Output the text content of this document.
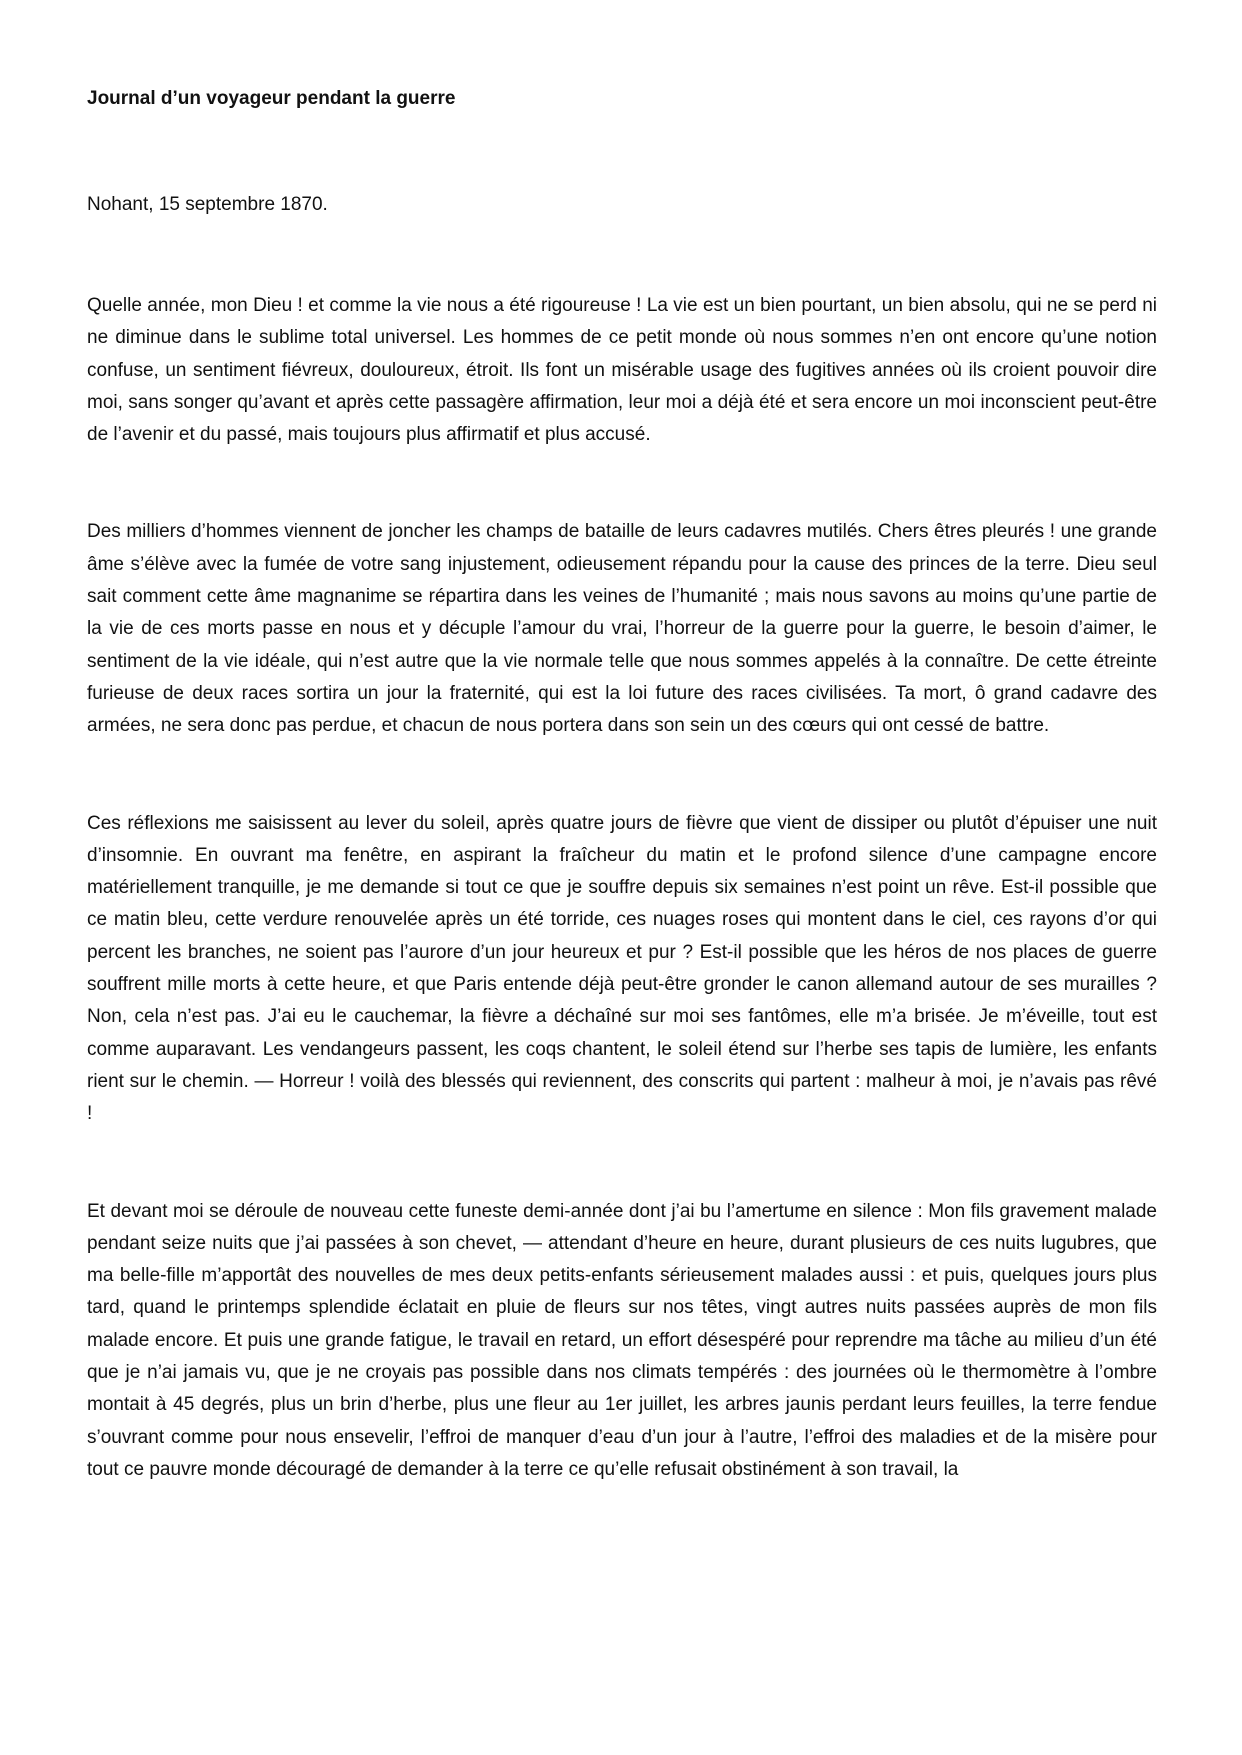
Journal d’un voyageur pendant la guerre

Nohant, 15 septembre 1870.

Quelle année, mon Dieu ! et comme la vie nous a été rigoureuse ! La vie est un bien pourtant, un bien absolu, qui ne se perd ni ne diminue dans le sublime total universel. Les hommes de ce petit monde où nous sommes n’en ont encore qu’une notion confuse, un sentiment fiévreux, douloureux, étroit. Ils font un misérable usage des fugitives années où ils croient pouvoir dire moi, sans songer qu’avant et après cette passagère affirmation, leur moi a déjà été et sera encore un moi inconscient peut-être de l’avenir et du passé, mais toujours plus affirmatif et plus accusé.

Des milliers d’hommes viennent de joncher les champs de bataille de leurs cadavres mutilés. Chers êtres pleurés ! une grande âme s’élève avec la fumée de votre sang injustement, odieusement répandu pour la cause des princes de la terre. Dieu seul sait comment cette âme magnanime se répartira dans les veines de l’humanité ; mais nous savons au moins qu’une partie de la vie de ces morts passe en nous et y décuple l’amour du vrai, l’horreur de la guerre pour la guerre, le besoin d’aimer, le sentiment de la vie idéale, qui n’est autre que la vie normale telle que nous sommes appelés à la connaître. De cette étreinte furieuse de deux races sortira un jour la fraternité, qui est la loi future des races civilisées. Ta mort, ô grand cadavre des armées, ne sera donc pas perdue, et chacun de nous portera dans son sein un des cœurs qui ont cessé de battre.

Ces réflexions me saisissent au lever du soleil, après quatre jours de fièvre que vient de dissiper ou plutôt d’épuiser une nuit d’insomnie. En ouvrant ma fenêtre, en aspirant la fraîcheur du matin et le profond silence d’une campagne encore matériellement tranquille, je me demande si tout ce que je souffre depuis six semaines n’est point un rêve. Est-il possible que ce matin bleu, cette verdure renouvelée après un été torride, ces nuages roses qui montent dans le ciel, ces rayons d’or qui percent les branches, ne soient pas l’aurore d’un jour heureux et pur ? Est-il possible que les héros de nos places de guerre souffrent mille morts à cette heure, et que Paris entende déjà peut-être gronder le canon allemand autour de ses murailles ? Non, cela n’est pas. J’ai eu le cauchemar, la fièvre a déchaîné sur moi ses fantômes, elle m’a brisée. Je m’éveille, tout est comme auparavant. Les vendangeurs passent, les coqs chantent, le soleil étend sur l’herbe ses tapis de lumière, les enfants rient sur le chemin. — Horreur ! voilà des blessés qui reviennent, des conscrits qui partent : malheur à moi, je n’avais pas rêvé !

Et devant moi se déroule de nouveau cette funeste demi-année dont j’ai bu l’amertume en silence : Mon fils gravement malade pendant seize nuits que j’ai passées à son chevet, — attendant d’heure en heure, durant plusieurs de ces nuits lugubres, que ma belle-fille m’apportât des nouvelles de mes deux petits-enfants sérieusement malades aussi : et puis, quelques jours plus tard, quand le printemps splendide éclatait en pluie de fleurs sur nos têtes, vingt autres nuits passées auprès de mon fils malade encore. Et puis une grande fatigue, le travail en retard, un effort désespéré pour reprendre ma tâche au milieu d’un été que je n’ai jamais vu, que je ne croyais pas possible dans nos climats tempérés : des journées où le thermomètre à l’ombre montait à 45 degrés, plus un brin d’herbe, plus une fleur au 1er juillet, les arbres jaunis perdant leurs feuilles, la terre fendue s’ouvrant comme pour nous ensevelir, l’effroi de manquer d’eau d’un jour à l’autre, l’effroi des maladies et de la misère pour tout ce pauvre monde découragé de demander à la terre ce qu’elle refusait obstinément à son travail, la
